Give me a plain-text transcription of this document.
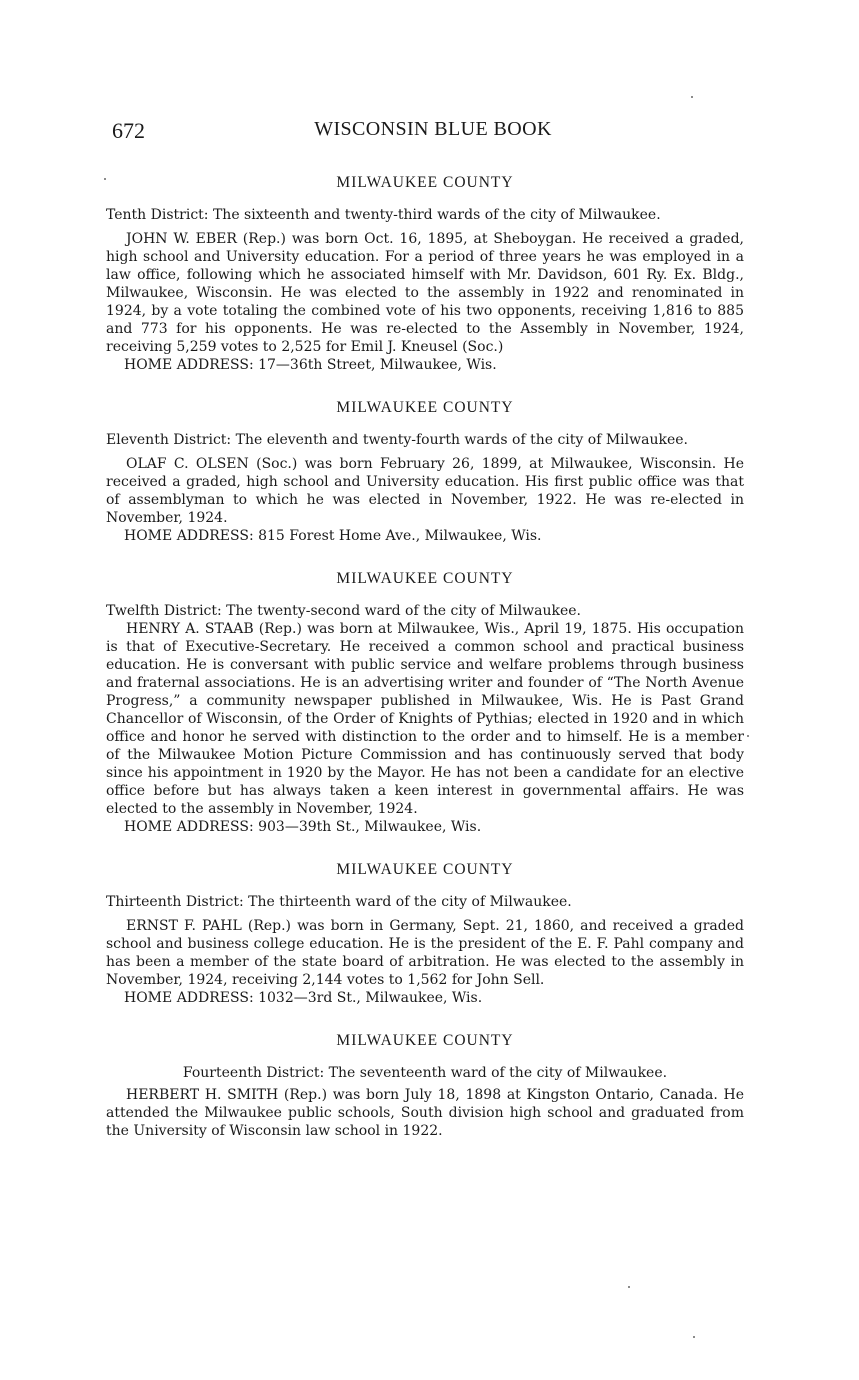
672	WISCONSIN BLUE BOOK
MILWAUKEE COUNTY

Tenth District: The sixteenth and twenty-third wards of the city of Milwaukee.

JOHN W. EBER (Rep.) was born Oct. 16, 1895, at Sheboygan. He received a graded, high school and University education. For a period of three years he was employed in a law office, following which he associated himself with Mr. Davidson, 601 Ry. Ex. Bldg., Milwaukee, Wisconsin. He was elected to the assembly in 1922 and renominated in 1924, by a vote totaling the combined vote of his two opponents, receiving 1,816 to 885 and 773 for his opponents. He was re-elected to the Assembly in November, 1924, receiving 5,259 votes to 2,525 for Emil J. Kneusel (Soc.)

HOME ADDRESS: 17—36th Street, Milwaukee, Wis.

MILWAUKEE COUNTY

Eleventh District: The eleventh and twenty-fourth wards of the city of Milwaukee.

OLAF C. OLSEN (Soc.) was born February 26, 1899, at Milwaukee, Wisconsin. He received a graded, high school and University education. His first public office was that of assemblyman to which he was elected in November, 1922. He was re-elected in November, 1924.

HOME ADDRESS: 815 Forest Home Ave., Milwaukee, Wis.

MILWAUKEE COUNTY

Twelfth District: The twenty-second ward of the city of Milwaukee.

HENRY A. STAAB (Rep.) was born at Milwaukee, Wis., April 19, 1875. His occupation is that of Executive-Secretary. He received a common school and practical business education. He is conversant with public service and welfare problems through business and fraternal associations. He is an advertising writer and founder of “The North Avenue Progress,” a community newspaper published in Milwaukee, Wis. He is Past Grand Chancellor of Wisconsin, of the Order of Knights of Pythias; elected in 1920 and in which office and honor he served with distinction to the order and to himself. He is a member of the Milwaukee Motion Picture Commission and has continuously served that body since his appointment in 1920 by the Mayor. He has not been a candidate for an elective office before but has always taken a keen interest in governmental affairs. He was elected to the assembly in November, 1924.

HOME ADDRESS: 903—39th St., Milwaukee, Wis.

MILWAUKEE COUNTY

Thirteenth District: The thirteenth ward of the city of Milwaukee.

ERNST F. PAHL (Rep.) was born in Germany, Sept. 21, 1860, and received a graded school and business college education. He is the president of the E. F. Pahl company and has been a member of the state board of arbitration. He was elected to the assembly in November, 1924, receiving 2,144 votes to 1,562 for John Sell.

HOME ADDRESS: 1032—3rd St., Milwaukee, Wis.

MILWAUKEE COUNTY

Fourteenth District: The seventeenth ward of the city of Milwaukee.

HERBERT H. SMITH (Rep.) was born July 18, 1898 at Kingston Ontario, Canada. He attended the Milwaukee public schools, South division high school and graduated from the University of Wisconsin law school in 1922.
